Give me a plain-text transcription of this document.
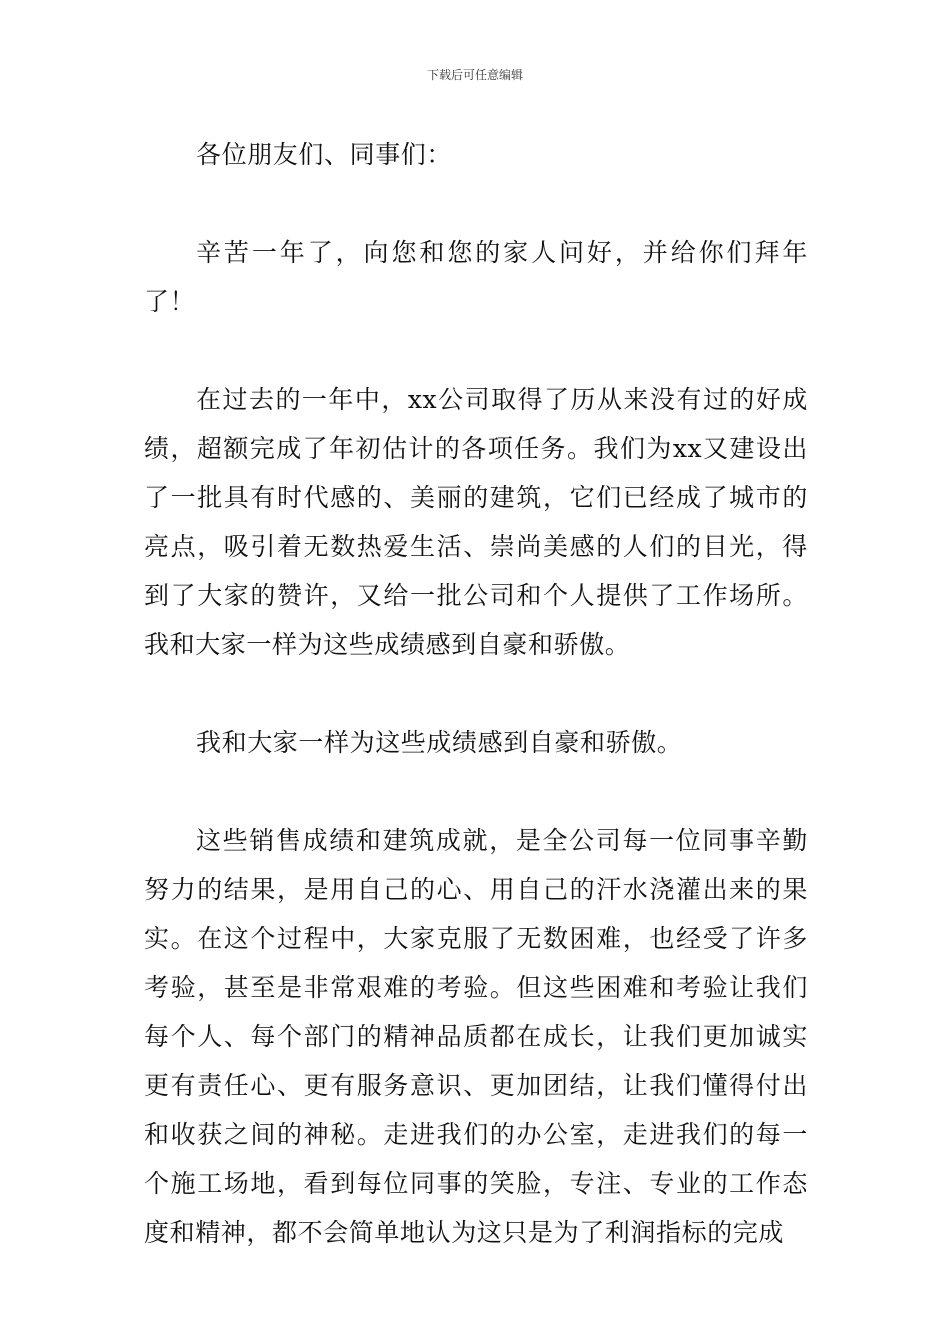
下载后可任意编辑

各位朋友们、同事们：

辛苦一年了，向您和您的家人问好，并给你们拜年了！

在过去的一年中，xx公司取得了历从来没有过的好成绩，超额完成了年初估计的各项任务。我们为xx又建设出了一批具有时代感的、美丽的建筑，它们已经成了城市的亮点，吸引着无数热爱生活、崇尚美感的人们的目光，得到了大家的赞许，又给一批公司和个人提供了工作场所。我和大家一样为这些成绩感到自豪和骄傲。

我和大家一样为这些成绩感到自豪和骄傲。

这些销售成绩和建筑成就，是全公司每一位同事辛勤努力的结果，是用自己的心、用自己的汗水浇灌出来的果实。在这个过程中，大家克服了无数困难，也经受了许多考验，甚至是非常艰难的考验。但这些困难和考验让我们每个人、每个部门的精神品质都在成长，让我们更加诚实更有责任心、更有服务意识、更加团结，让我们懂得付出和收获之间的神秘。走进我们的办公室，走进我们的每一个施工场地，看到每位同事的笑脸，专注、专业的工作态度和精神，都不会简单地认为这只是为了利润指标的完成
